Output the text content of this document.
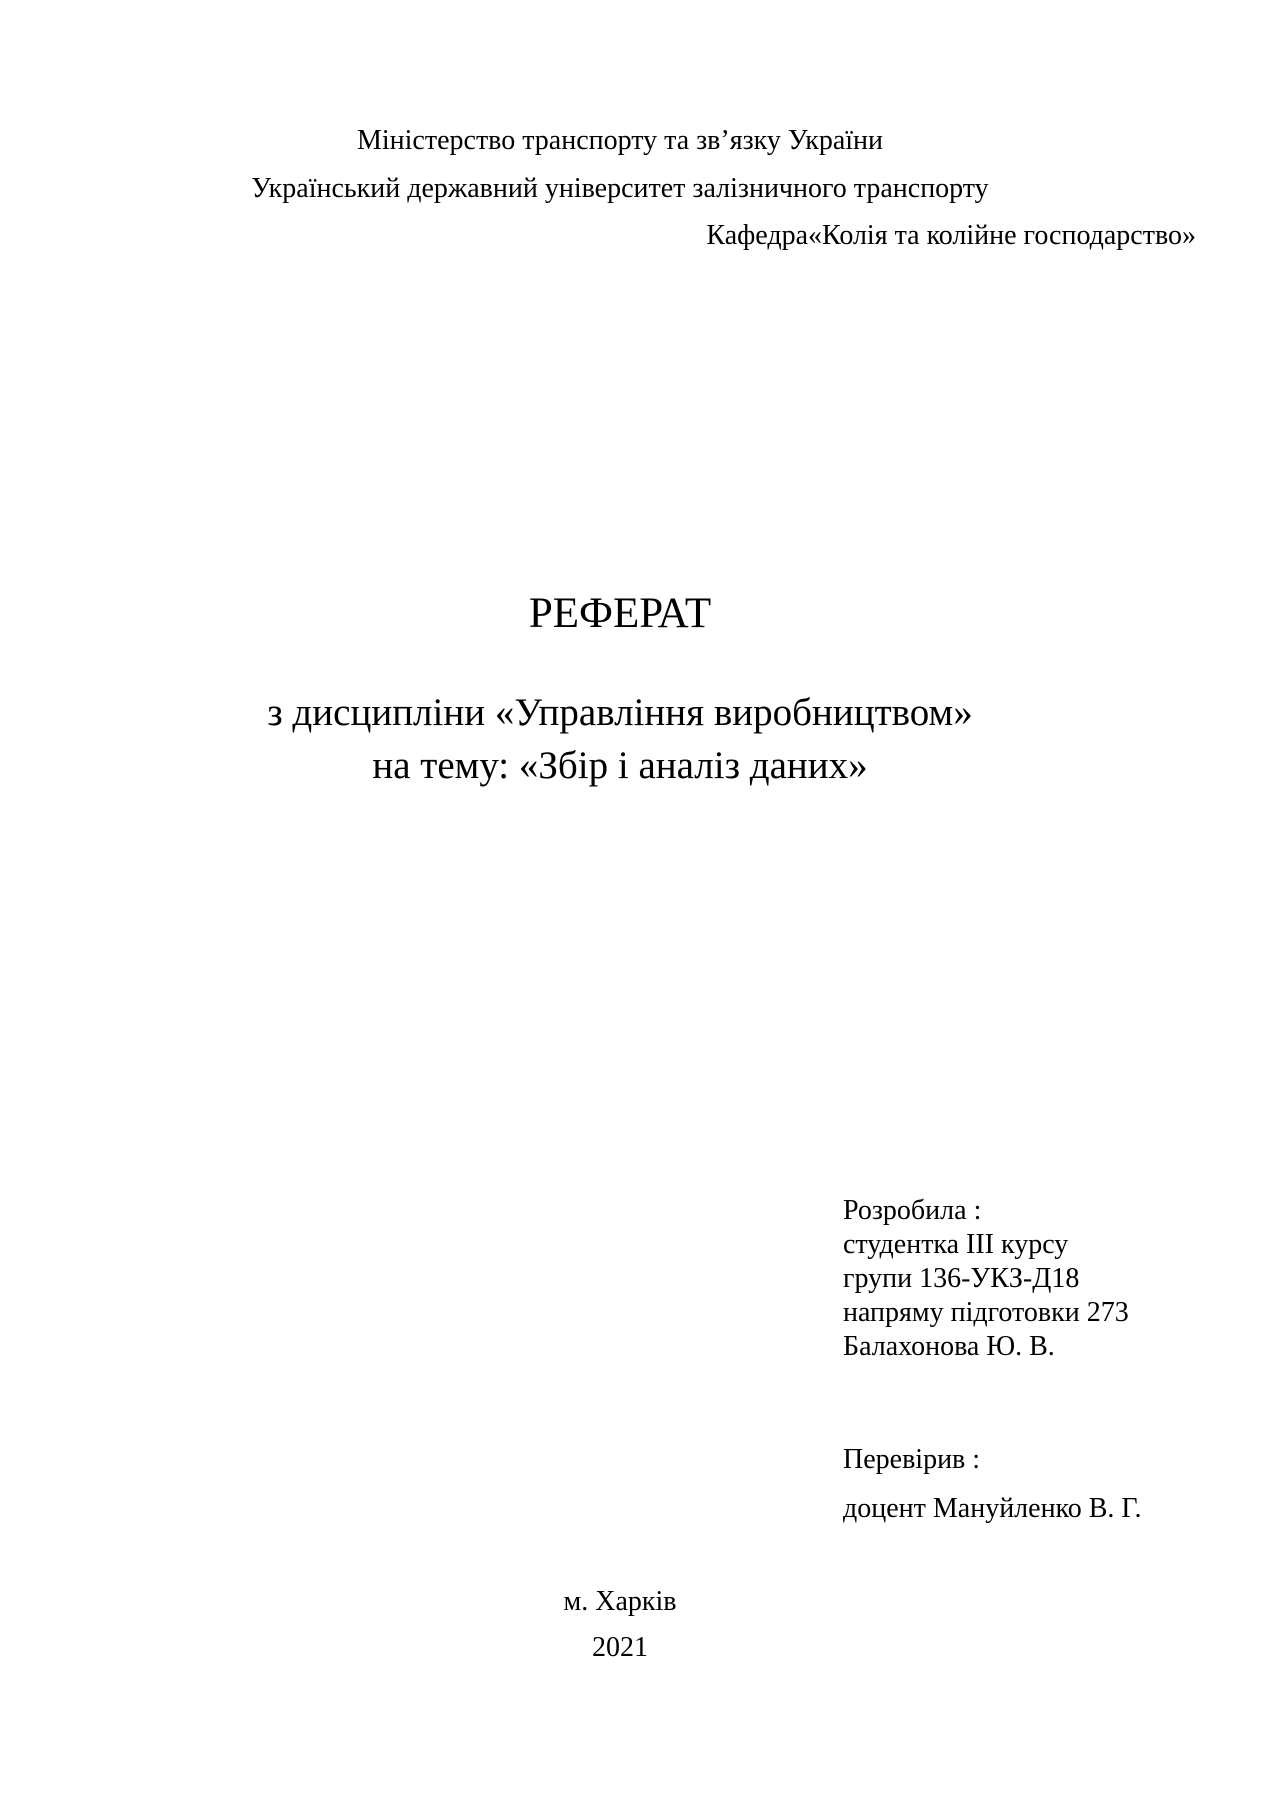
Міністерство транспорту та зв’язку України
Український державний університет залізничного транспорту
Кафедра«Колія та колійне господарство»
РЕФЕРАТ
з дисципліни «Управління виробництвом»
на тему: «Збір і аналіз даних»
Розробила :
студентка ІІІ курсу
групи 136-УКЗ-Д18
напряму підготовки 273
Балахонова Ю. В.
Перевірив :
доцент Мануйленко В. Г.
м. Харків
2021
